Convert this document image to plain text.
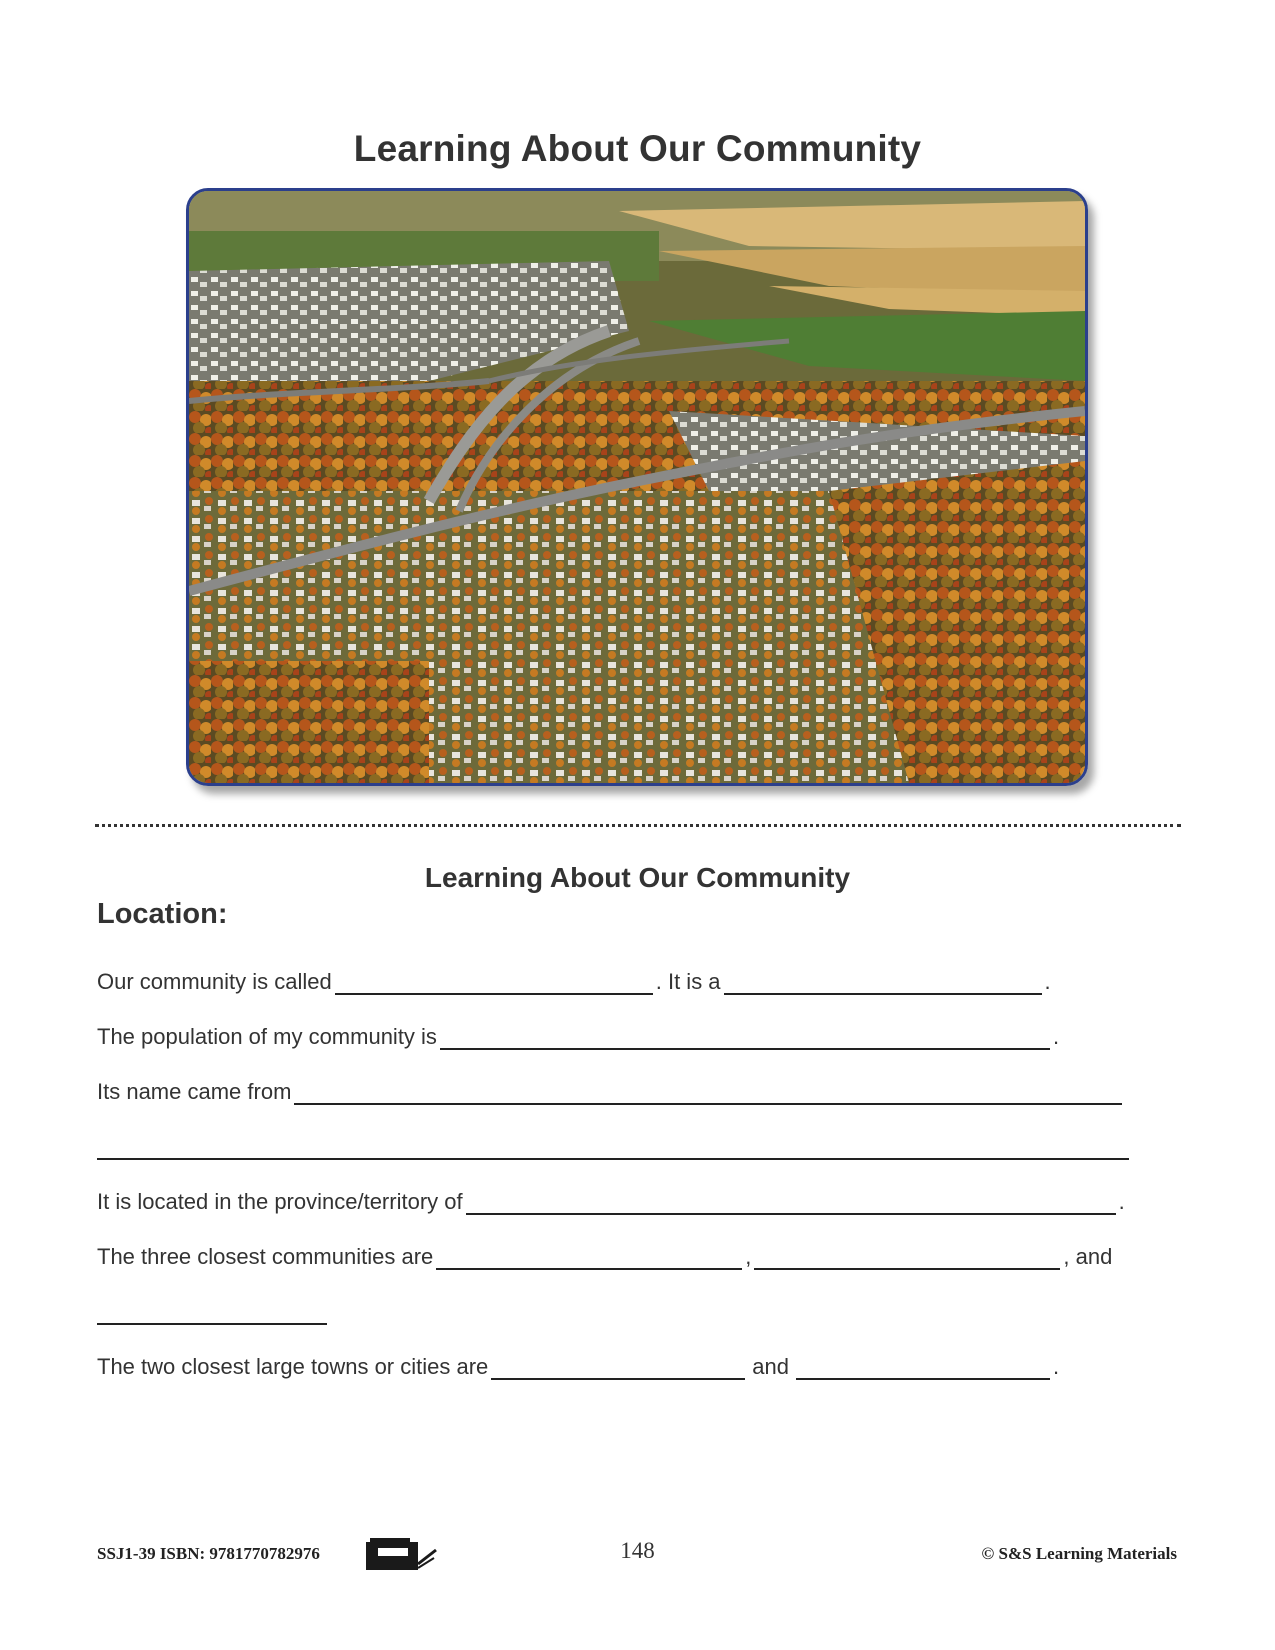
Learning About Our Community
Learning About Our Community
Location:
Our community is called	. It is a	.
The population of my community is	.
Its name came from
It is located in the province/territory of	.
The three closest communities are	,	, and
The two closest large towns or cities are	and	.
SSJ1-39 ISBN: 9781770782976	148	© S&S Learning Materials
